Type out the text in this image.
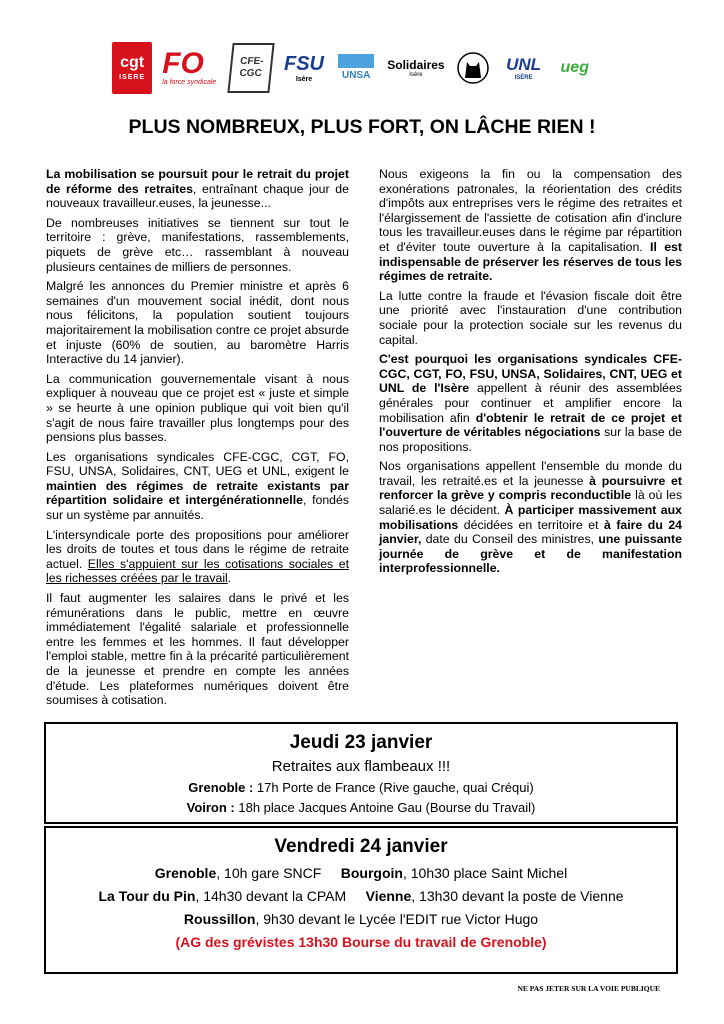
cgt
ISERE FO
la force syndicale
CFE-CGC	FSU
Isère	UNSA
Solidaires
Isère
UNL
ISÈRE
ueg
PLUS NOMBREUX, PLUS FORT, ON LÂCHE RIEN !

La mobilisation se poursuit pour le retrait du projet de réforme des retraites, entraînant chaque jour de nouveaux travailleur.euses, la jeunesse...

De nombreuses initiatives se tiennent sur tout le territoire : grève, manifestations, rassemblements, piquets de grève etc… rassemblant à nouveau plusieurs centaines de milliers de personnes.

Malgré les annonces du Premier ministre et après 6 semaines d'un mouvement social inédit, dont nous nous félicitons, la population soutient toujours majoritairement la mobilisation contre ce projet absurde et injuste (60% de soutien, au baromètre Harris Interactive du 14 janvier).

La communication gouvernementale visant à nous expliquer à nouveau que ce projet est « juste et simple » se heurte à une opinion publique qui voit bien qu'il s'agit de nous faire travailler plus longtemps pour des pensions plus basses.

Les organisations syndicales CFE-CGC, CGT, FO, FSU, UNSA, Solidaires, CNT, UEG et UNL, exigent le maintien des régimes de retraite existants par répartition solidaire et intergénérationnelle, fondés sur un système par annuités.

L'intersyndicale porte des propositions pour améliorer les droits de toutes et tous dans le régime de retraite actuel. Elles s'appuient sur les cotisations sociales et les richesses créées par le travail.

Il faut augmenter les salaires dans le privé et les rémunérations dans le public, mettre en œuvre immédiatement l'égalité salariale et professionnelle entre les femmes et les hommes. Il faut développer l'emploi stable, mettre fin à la précarité particulièrement de la jeunesse et prendre en compte les années d'étude. Les plateformes numériques doivent être soumises à cotisation.

Nous exigeons la fin ou la compensation des exonérations patronales, la réorientation des crédits d'impôts aux entreprises vers le régime des retraites et l'élargissement de l'assiette de cotisation afin d'inclure tous les travailleur.euses dans le régime par répartition et d'éviter toute ouverture à la capitalisation. Il est indispensable de préserver les réserves de tous les régimes de retraite.

La lutte contre la fraude et l'évasion fiscale doit être une priorité avec l'instauration d'une contribution sociale pour la protection sociale sur les revenus du capital.

C'est pourquoi les organisations syndicales CFE-CGC, CGT, FO, FSU, UNSA, Solidaires, CNT, UEG et UNL de l'Isère appellent à réunir des assemblées générales pour continuer et amplifier encore la mobilisation afin d'obtenir le retrait de ce projet et l'ouverture de véritables négociations sur la base de nos propositions.

Nos organisations appellent l'ensemble du monde du travail, les retraité.es et la jeunesse à poursuivre et renforcer la grève y compris reconductible là où les salarié.es le décident. À participer massivement aux mobilisations décidées en territoire et à faire du 24 janvier, date du Conseil des ministres, une puissante journée de grève et de manifestation interprofessionnelle.

Jeudi 23 janvier
Retraites aux flambeaux !!!
Grenoble : 17h Porte de France (Rive gauche, quai Créqui)
Voiron : 18h place Jacques Antoine Gau (Bourse du Travail)
Vendredi 24 janvier
Grenoble, 10h gare SNCF Bourgoin, 10h30 place Saint Michel
La Tour du Pin, 14h30 devant la CPAM Vienne, 13h30 devant la poste de Vienne
Roussillon, 9h30 devant le Lycée l'EDIT rue Victor Hugo
(AG des grévistes 13h30 Bourse du travail de Grenoble)
NE PAS JETER SUR LA VOIE PUBLIQUE
